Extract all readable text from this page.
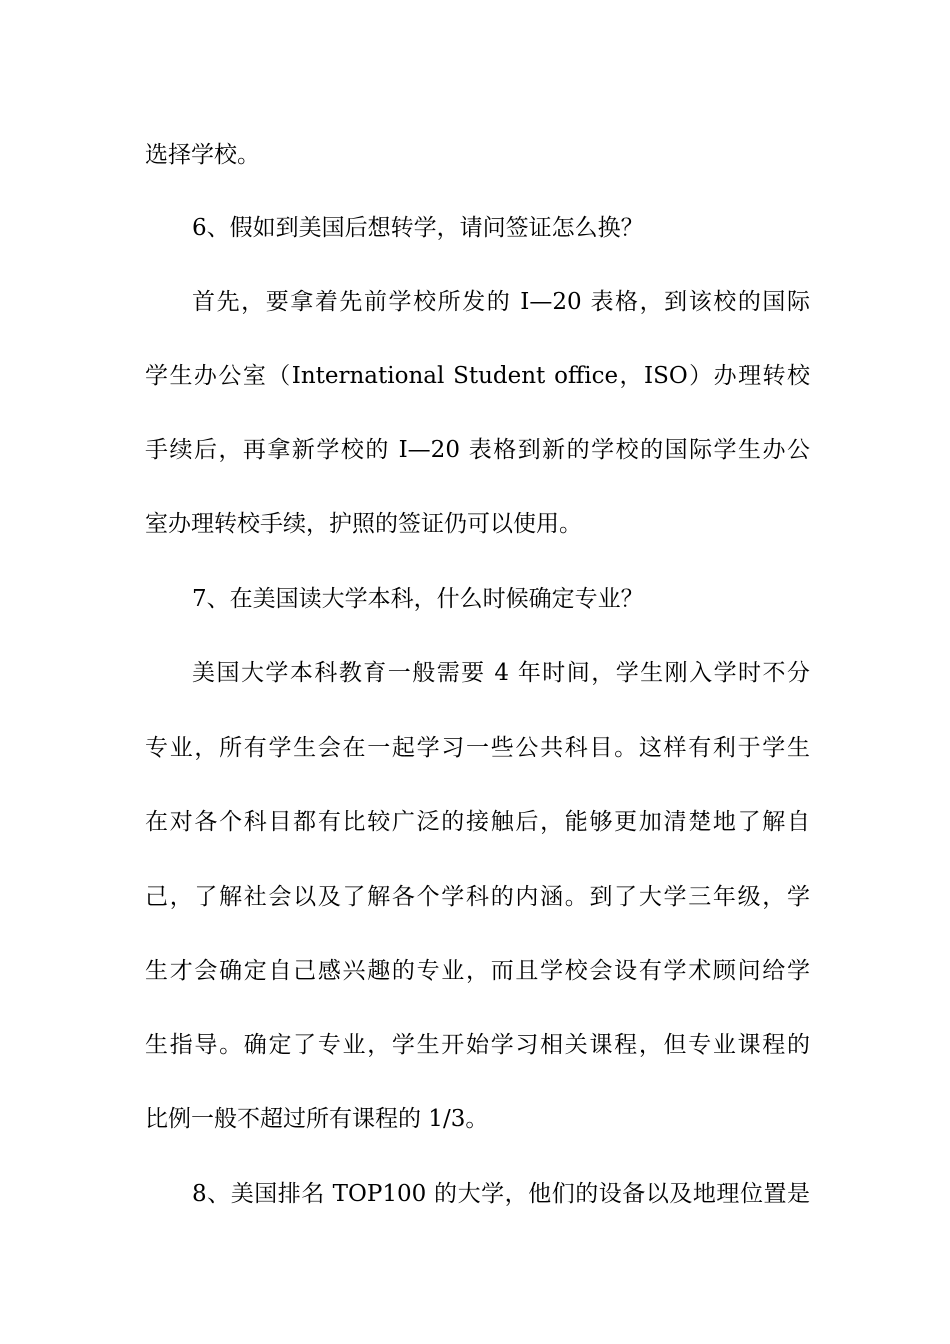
选择学校。
6、假如到美国后想转学，请问签证怎么换？
首先，要拿着先前学校所发的 I—20 表格，到该校的国际
学生办公室（International Student office，ISO）办理转校
手续后，再拿新学校的 I—20 表格到新的学校的国际学生办公
室办理转校手续，护照的签证仍可以使用。
7、在美国读大学本科，什么时候确定专业？
美国大学本科教育一般需要 4 年时间，学生刚入学时不分
专业，所有学生会在一起学习一些公共科目。这样有利于学生
在对各个科目都有比较广泛的接触后，能够更加清楚地了解自
己，了解社会以及了解各个学科的内涵。到了大学三年级，学
生才会确定自己感兴趣的专业，而且学校会设有学术顾问给学
生指导。确定了专业，学生开始学习相关课程，但专业课程的
比例一般不超过所有课程的 1/3。
8、美国排名 TOP100 的大学，他们的设备以及地理位置是
